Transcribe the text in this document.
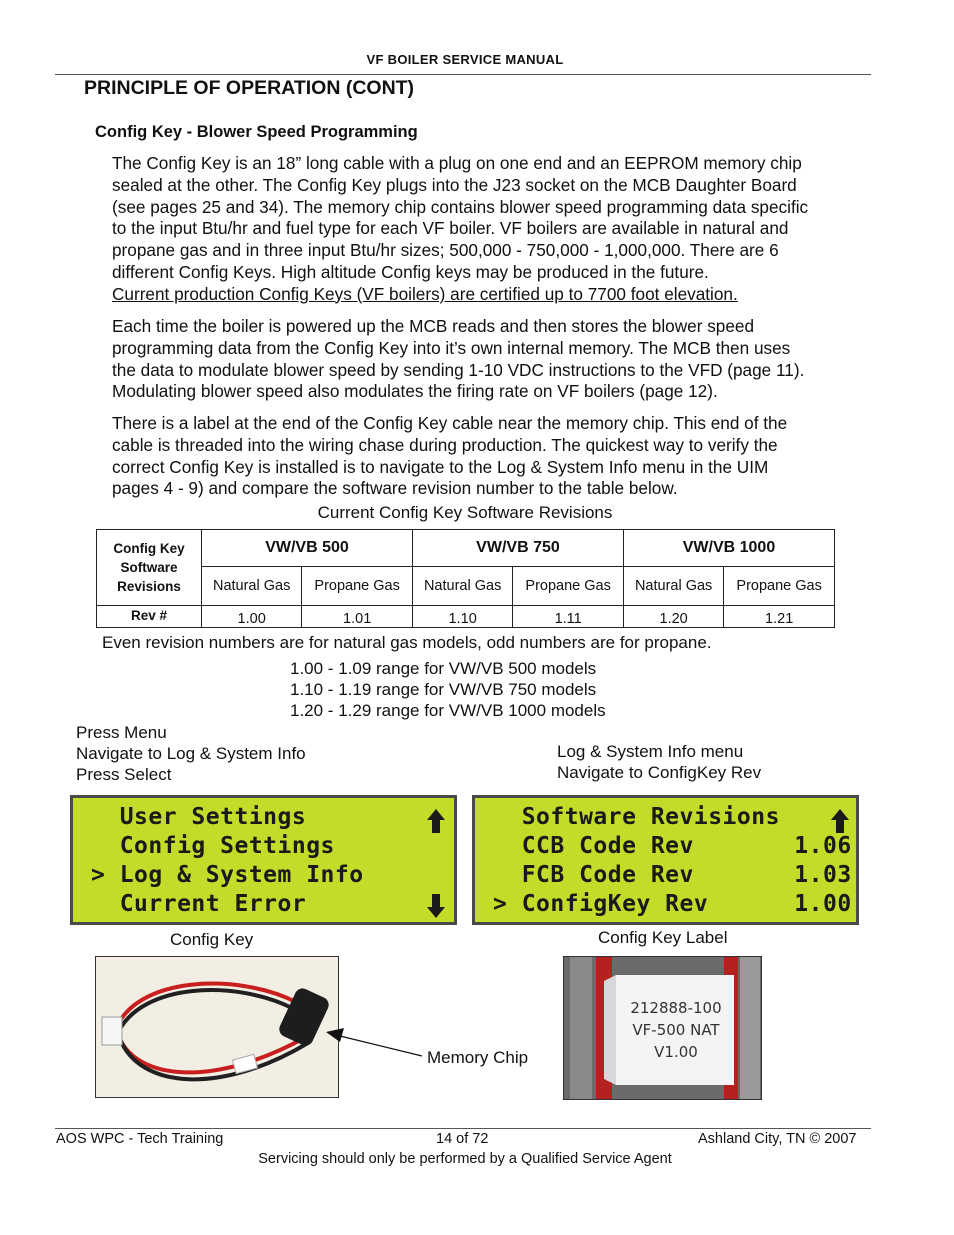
VF BOILER SERVICE MANUAL
PRINCIPLE OF OPERATION (CONT)
Config Key - Blower Speed Programming
The Config Key is an 18” long cable with a plug on one end and an EEPROM memory chip
sealed at the other. The Config Key plugs into the J23 socket on the MCB Daughter Board
(see pages 25 and 34). The memory chip contains blower speed programming data specific
to the input Btu/hr and fuel type for each VF boiler. VF boilers are available in natural and
propane gas and in three input Btu/hr sizes; 500,000 - 750,000 - 1,000,000. There are 6
different Config Keys. High altitude Config keys may be produced in the future.
Current production Config Keys (VF boilers) are certified up to 7700 foot elevation.
Each time the boiler is powered up the MCB reads and then stores the blower speed
programming data from the Config Key into it’s own internal memory. The MCB then uses
the data to modulate blower speed by sending 1-10 VDC instructions to the VFD (page 11).
Modulating blower speed also modulates the firing rate on VF boilers (page 12).
There is a label at the end of the Config Key cable near the memory chip. This end of the
cable is threaded into the wiring chase during production. The quickest way to verify the
correct Config Key is installed is to navigate to the Log & System Info menu in the UIM
pages 4 - 9) and compare the software revision number to the table below.
Current Config Key Software Revisions
Config Key
Software
Revisions	VW/VB 500		VW/VB 750		VW/VB 1000	
	Natural Gas	Propane Gas	Natural Gas	Propane Gas	Natural Gas	Propane Gas
Rev #	1.00	1.01	1.10	1.11	1.20	1.21
Even revision numbers are for natural gas models, odd numbers are for propane.
1.00 - 1.09 range for VW/VB 500 models
1.10 - 1.19 range for VW/VB 750 models
1.20 - 1.29 range for VW/VB 1000 models
Press Menu
Navigate to Log & System Info
Press Select
Log & System Info menu
Navigate to ConfigKey Rev
User Settings
Config Settings
> Log & System Info
Current Error
Software Revisions
CCB Code Rev       1.06
FCB Code Rev       1.03
> ConfigKey Rev      1.00
Config Key	Config Key Label
212888-100
VF-500 NAT
V1.00
Memory Chip
AOS WPC - Tech Training	14 of 72	Ashland City, TN © 2007
Servicing should only be performed by a Qualified Service Agent
